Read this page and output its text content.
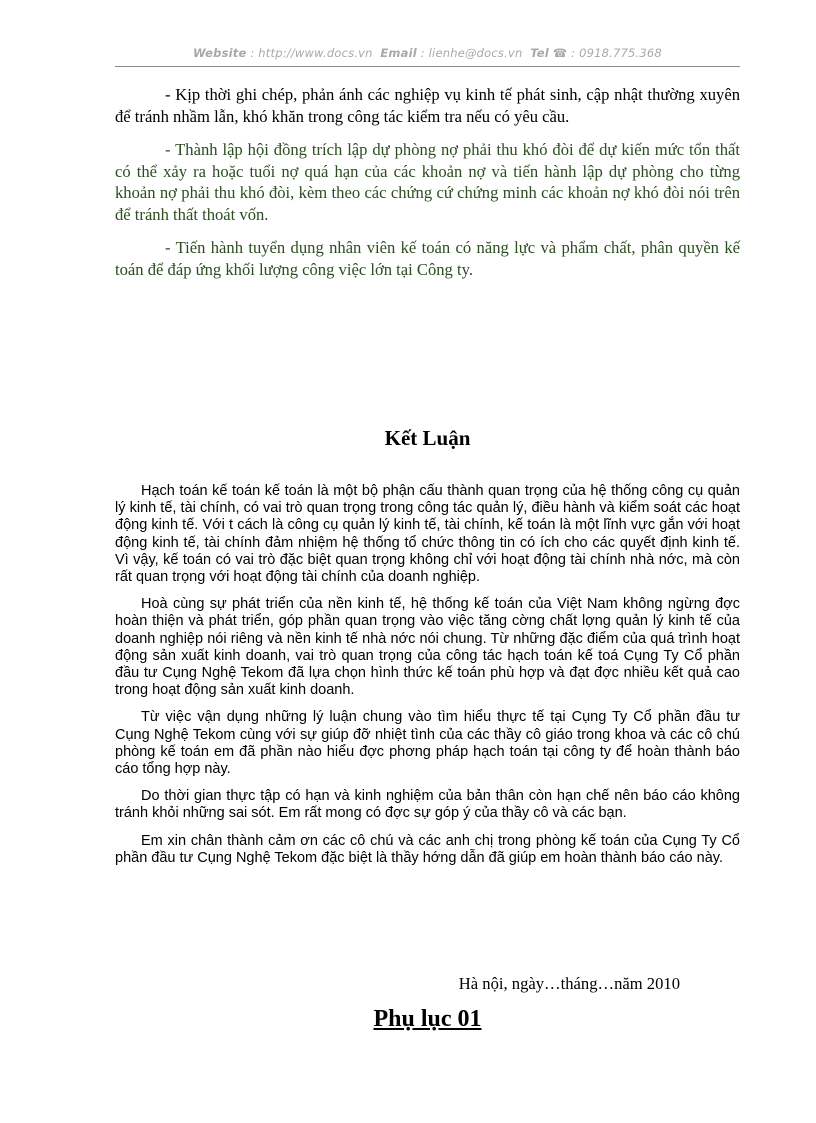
Website : http://www.docs.vn Email : lienhe@docs.vn Tel ☎ : 0918.775.368

- Kịp thời ghi chép, phản ánh các nghiệp vụ kinh tế phát sinh, cập nhật thường xuyên để tránh nhầm lẫn, khó khăn trong công tác kiểm tra nếu có yêu cầu.

- Thành lập hội đồng trích lập dự phòng nợ phải thu khó đòi để dự kiến mức tổn thất có thể xảy ra hoặc tuổi nợ quá hạn của các khoản nợ và tiến hành lập dự phòng cho từng khoản nợ phải thu khó đòi, kèm theo các chứng cứ chứng minh các khoản nợ khó đòi nói trên để tránh thất thoát vốn.

- Tiến hành tuyển dụng nhân viên kế toán có năng lực và phẩm chất, phân quyền kế toán để đáp ứng khối lượng công việc lớn tại Công ty.

Kết Luận

Hạch toán kế toán kế toán là một bộ phận cấu thành quan trọng của hệ thống công cụ quản lý kinh tế, tài chính, có vai trò quan trọng trong công tác quản lý, điều hành và kiểm soát các hoạt động kinh tế. Với t cách là công cụ quản lý kinh tế, tài chính, kế toán là một lĩnh vực gắn với hoạt động kinh tế, tài chính đảm nhiệm hệ thống tổ chức thông tin có ích cho các quyết định kinh tế. Vì vậy, kế toán có vai trò đặc biệt quan trọng không chỉ với hoạt động tài chính nhà nớc, mà còn rất quan trọng với hoạt động tài chính của doanh nghiệp.

Hoà cùng sự phát triển của nền kinh tế, hệ thống kế toán của Việt Nam không ngừng đợc hoàn thiện và phát triển, góp phần quan trọng vào việc tăng cờng chất lợng quản lý kinh tế của doanh nghiệp nói riêng và nền kinh tế nhà nớc nói chung. Từ những đặc điểm của quá trình hoạt động sản xuất kinh doanh, vai trò quan trọng của công tác hạch toán kế toá Cụng Ty Cổ phần đầu tư Cụng Nghệ Tekom đã lựa chọn hình thức kế toán phù hợp và đạt đợc nhiều kết quả cao trong hoạt động sản xuất kinh doanh.

Từ việc vận dụng những lý luận chung vào tìm hiểu thực tế tại Cụng Ty Cổ phần đầu tư Cụng Nghệ Tekom cùng với sự giúp đỡ nhiệt tình của các thầy cô giáo trong khoa và các cô chú phòng kế toán em đã phần nào hiểu đợc phơng pháp hạch toán tại công ty để hoàn thành báo cáo tổng hợp này.

Do thời gian thực tập có hạn và kinh nghiệm của bản thân còn hạn chế nên báo cáo không tránh khỏi những sai sót. Em rất mong có đợc sự góp ý của thầy cô và các bạn.

Em xin chân thành cảm ơn các cô chú và các anh chị trong phòng kế toán của Cụng Ty Cổ phần đầu tư Cụng Nghệ Tekom đặc biệt là thầy hớng dẫn đã giúp em hoàn thành báo cáo này.

Hà nội, ngày…tháng…năm 2010
Phụ lục 01
